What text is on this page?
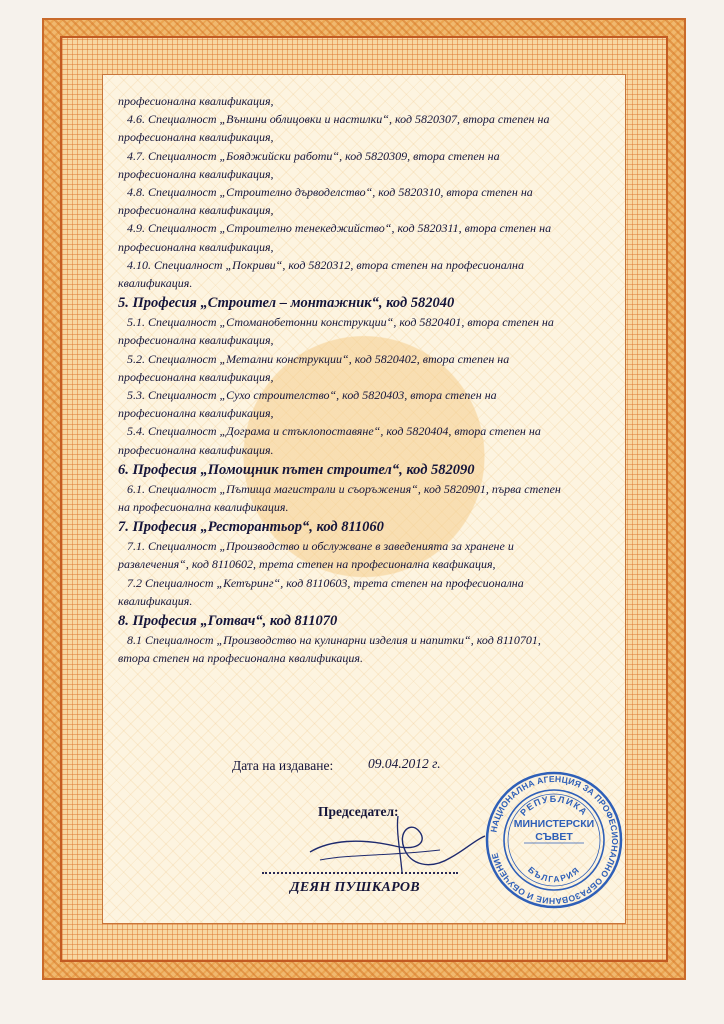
професионална квалификация,

4.6. Специалност „Външни облицовки и настилки“, код 5820307, втора степен на

професионална квалификация,

4.7. Специалност „Бояджийски работи“, код 5820309, втора степен на

професионална квалификация,

4.8. Специалност „Строително дърводелство“, код 5820310, втора степен на

професионална квалификация,

4.9. Специалност „Строително тенекеджийство“, код 5820311, втора степен на

професионална квалификация,

4.10. Специалност „Покриви“, код 5820312, втора степен на професионална

квалификация.

5. Професия „Строител – монтажник“, код 582040

5.1. Специалност „Стоманобетонни конструкции“, код 5820401, втора степен на

професионална квалификация,

5.2. Специалност „Метални конструкции“, код 5820402, втора степен на

професионална квалификация,

5.3. Специалност „Сухо строителство“, код 5820403, втора степен на

професионална квалификация,

5.4. Специалност „Дограма и стъклопоставяне“, код 5820404, втора степен на

професионална квалификация.

6. Професия „Помощник пътен строител“, код 582090

6.1. Специалност „Пътища магистрали и съоръжения“, код 5820901, първа степен

на професионална квалификация.

7. Професия „Ресторантьор“, код 811060

7.1. Специалност „Производство и обслужване в заведенията за хранене и

развлечения“, код 8110602, трета степен на професионална квафикация,

7.2 Специалност „Кетъринг“, код 8110603, трета степен на професионална

квалификация.

8. Професия „Готвач“, код 811070

8.1 Специалност „Производство на кулинарни изделия и напитки“, код 8110701,

втора степен на професионална квалификация.

Дата на издаване:	09.04.2012 г.
Председател:
ДЕЯН ПУШКАРОВ
НАЦИОНАЛНА АГЕНЦИЯ ЗА ПРОФЕСИОНАЛНО ОБРАЗОВАНИЕ И ОБУЧЕНИЕ
РЕПУБЛИКА
БЪЛГАРИЯ
МИНИСТЕРСКИ
СЪВЕТ
